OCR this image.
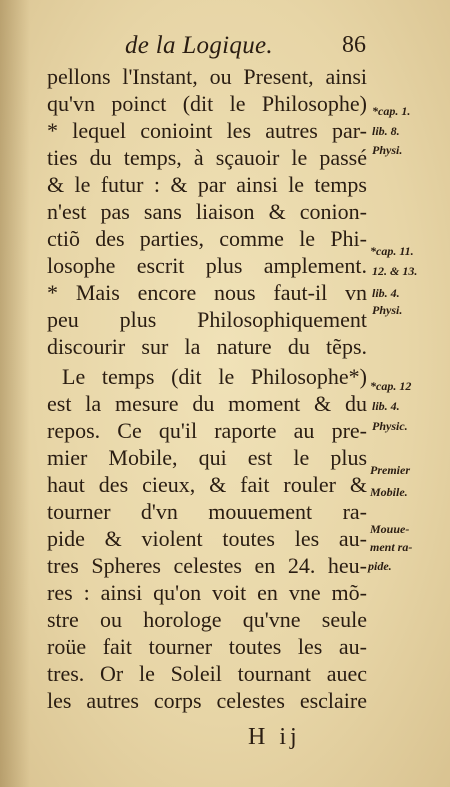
de la Logique.	86
pellons l'Instant, ou Present, ainsi
qu'vn poinct (dit le Philosophe)
* lequel conioint les autres par-
ties du temps, à sçauoir le passé
& le futur : & par ainsi le temps
n'est pas sans liaison & conion-
ctiõ des parties, comme le Phi-
losophe escrit plus amplement.
* Mais encore nous faut-il vn
peu plus Philosophiquement
discourir sur la nature du tẽps.
Le temps (dit le Philosophe*)
est la mesure du moment & du
repos. Ce qu'il raporte au pre-
mier Mobile, qui est le plus
haut des cieux, & fait rouler &
tourner d'vn mouuement ra-
pide & violent toutes les au-
tres Spheres celestes en 24. heu-
res : ainsi qu'on voit en vne mõ-
stre ou horologe qu'vne seule
roüe fait tourner toutes les au-
tres. Or le Soleil tournant auec
les autres corps celestes esclaire
*cap. 1.
lib. 8.
Physi.
*cap. 11.
12. & 13.
lib. 4.
Physi.
*cap. 12
lib. 4.
Physic.
Premier
Mobile.
Mouue-
ment ra-
pide.
H ij
